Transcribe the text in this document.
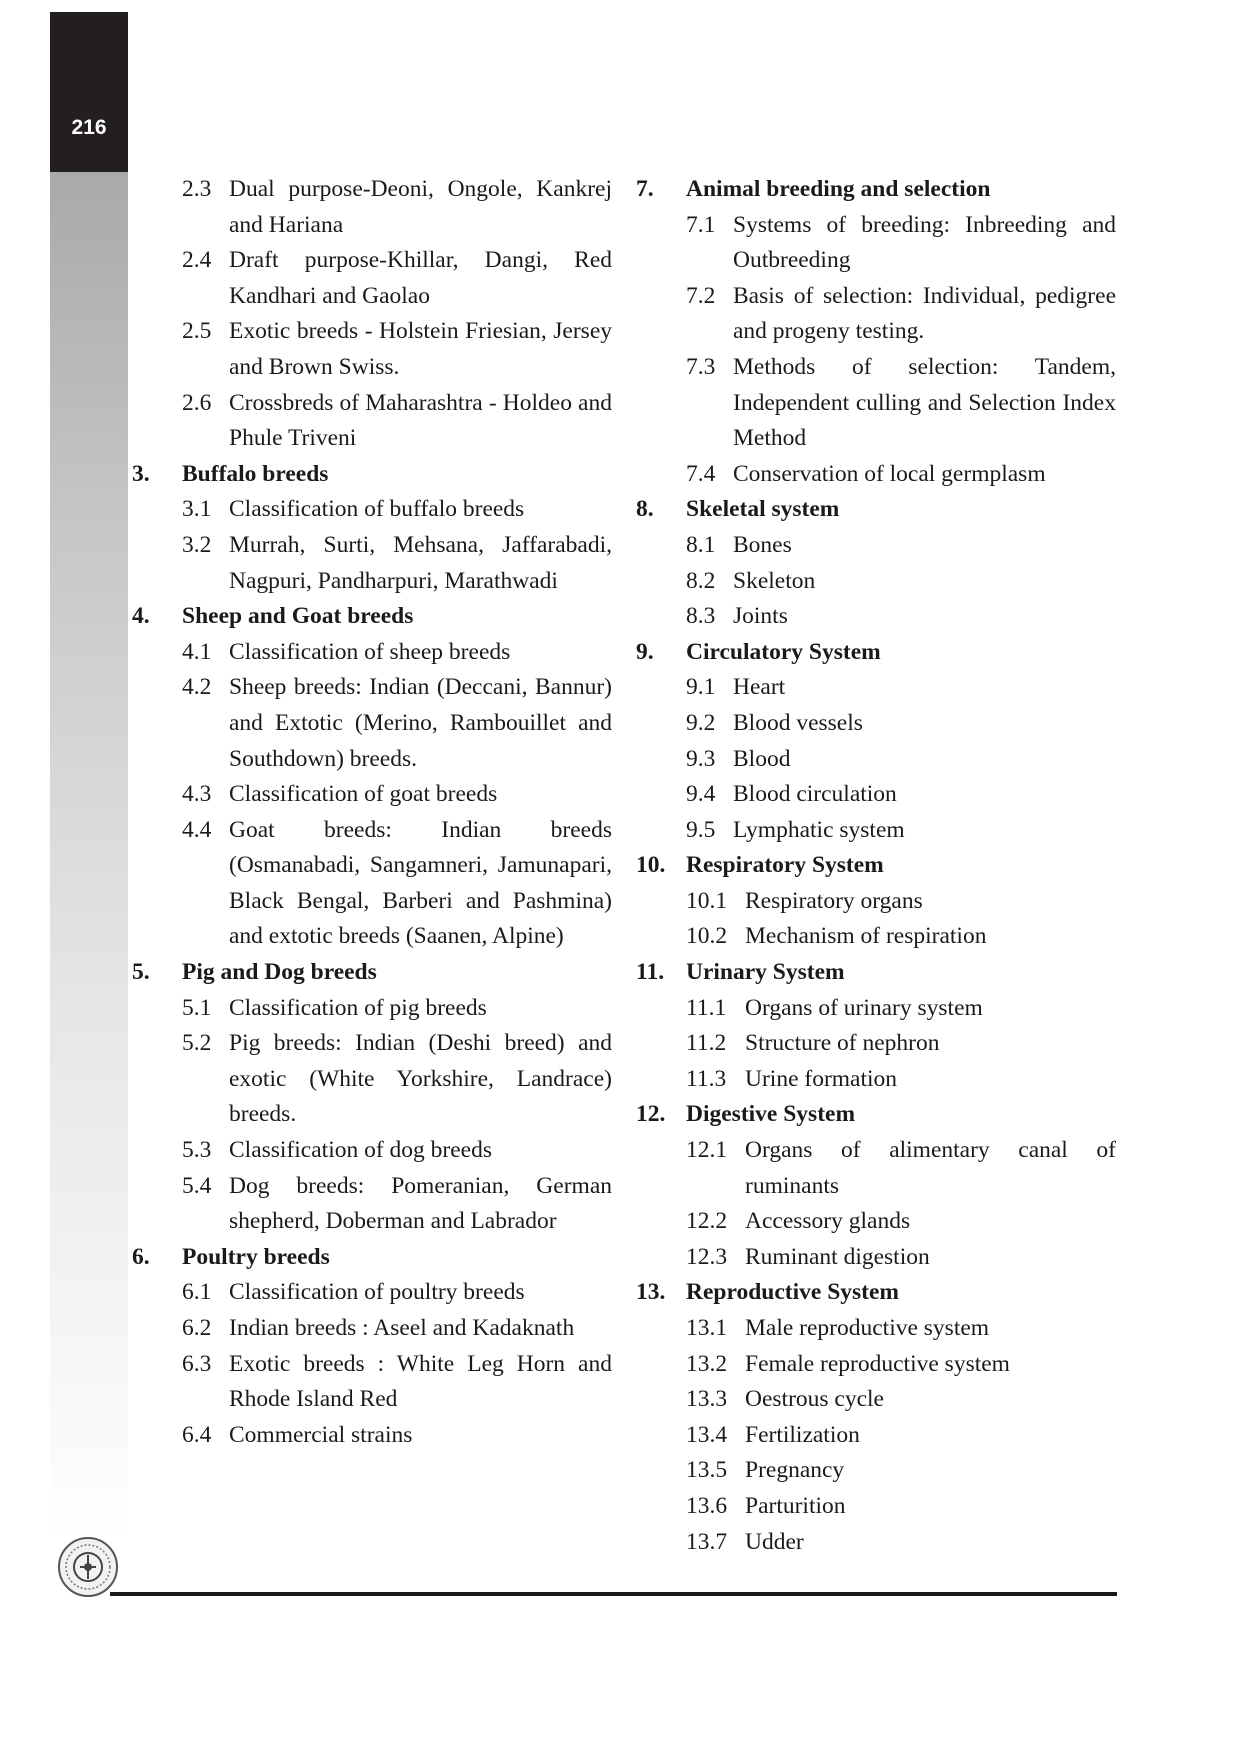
216
2.3 Dual purpose-Deoni, Ongole, Kankrej and Hariana
2.4 Draft purpose-Khillar, Dangi, Red Kandhari and Gaolao
2.5 Exotic breeds - Holstein Friesian, Jersey and Brown Swiss.
2.6 Crossbreds of Maharashtra - Holdeo and Phule Triveni
3. Buffalo breeds
3.1 Classification of buffalo breeds
3.2 Murrah, Surti, Mehsana, Jaffarabadi, Nagpuri, Pandharpuri, Marathwadi
4. Sheep and Goat breeds
4.1 Classification of sheep breeds
4.2 Sheep breeds: Indian (Deccani, Bannur) and Extotic (Merino, Rambouillet and Southdown) breeds.
4.3 Classification of goat breeds
4.4 Goat breeds: Indian breeds (Osmanabadi, Sangamneri, Jamunapari, Black Bengal, Barberi and Pashmina) and extotic breeds (Saanen, Alpine)
5. Pig and Dog breeds
5.1 Classification of pig breeds
5.2 Pig breeds: Indian (Deshi breed) and exotic (White Yorkshire, Landrace) breeds.
5.3 Classification of dog breeds
5.4 Dog breeds: Pomeranian, German shepherd, Doberman and Labrador
6. Poultry breeds
6.1 Classification of poultry breeds
6.2 Indian breeds : Aseel and Kadaknath
6.3 Exotic breeds : White Leg Horn and Rhode Island Red
6.4 Commercial strains
7. Animal breeding and selection
7.1 Systems of breeding: Inbreeding and Outbreeding
7.2 Basis of selection: Individual, pedigree and progeny testing.
7.3 Methods of selection: Tandem, Independent culling and Selection Index Method
7.4 Conservation of local germplasm
8. Skeletal system
8.1 Bones
8.2 Skeleton
8.3 Joints
9. Circulatory System
9.1 Heart
9.2 Blood vessels
9.3 Blood
9.4 Blood circulation
9.5 Lymphatic system
10. Respiratory System
10.1 Respiratory organs
10.2 Mechanism of respiration
11. Urinary System
11.1 Organs of urinary system
11.2 Structure of nephron
11.3 Urine formation
12. Digestive System
12.1 Organs of alimentary canal of ruminants
12.2 Accessory glands
12.3 Ruminant digestion
13. Reproductive System
13.1 Male reproductive system
13.2 Female reproductive system
13.3 Oestrous cycle
13.4 Fertilization
13.5 Pregnancy
13.6 Parturition
13.7 Udder
